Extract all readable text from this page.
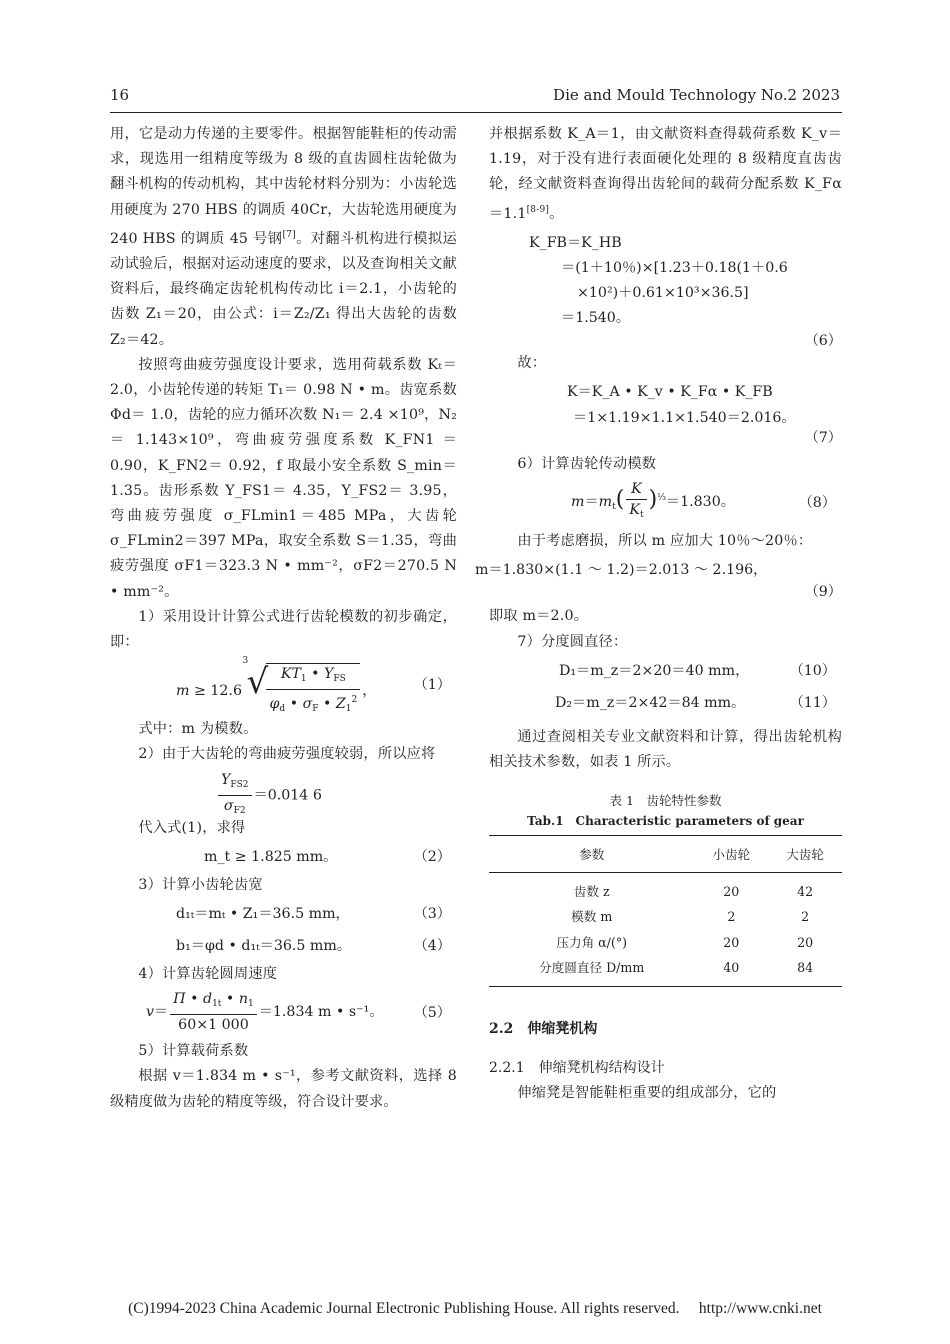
16	Die and Mould Technology No.2 2023
用，它是动力传递的主要零件。根据智能鞋柜的传动需求，现选用一组精度等级为 8 级的直齿圆柱齿轮做为翻斗机构的传动机构，其中齿轮材料分别为：小齿轮选用硬度为 270 HBS 的调质 40Cr，大齿轮选用硬度为 240 HBS 的调质 45 号钢[7]。对翻斗机构进行模拟运动试验后，根据对运动速度的要求，以及查询相关文献资料后，最终确定齿轮机构传动比 i＝2.1，小齿轮的齿数 Z₁＝20，由公式：i＝Z₂/Z₁ 得出大齿轮的齿数 Z₂＝42。
按照弯曲疲劳强度设计要求，选用荷载系数 Kₜ＝ 2.0，小齿轮传递的转矩 T₁＝ 0.98 N • m。齿宽系数 Φd＝ 1.0，齿轮的应力循环次数 N₁＝ 2.4 ×10⁹，N₂＝ 1.143×10⁹，弯曲疲劳强度系数 K_FN1 ＝ 0.90，K_FN2＝ 0.92，f 取最小安全系数 S_min＝ 1.35。齿形系数 Y_FS1＝ 4.35，Y_FS2＝ 3.95，弯曲疲劳强度 σ_FLmin1＝485 MPa，大齿轮 σ_FLmin2＝397 MPa，取安全系数 S＝1.35，弯曲疲劳强度 σF1＝323.3 N • mm⁻²，σF2＝270.5 N • mm⁻²。
1）采用设计计算公式进行齿轮模数的初步确定，即：
m ≥ 12.6
3
√
$\frac{KT_1 • Y_{FS}}{\varphi_d • \sigma_F • Z_1^2}$ ，	（1）
式中：m 为模数。
2）由于大齿轮的弯曲疲劳强度较弱，所以应将
$\frac{Y_{FS2}}{\sigma_{F2}} =0.014$ 6
代入式(1)，求得
m_t ≥ 1.825 mm。	（2）
3）计算小齿轮齿宽
d₁ₜ＝mₜ • Z₁＝36.5 mm，	（3）
b₁＝φd • d₁ₜ＝36.5 mm。	（4）
4）计算齿轮圆周速度
$v= \frac{\Pi • d_{1t} • n_1}{60\times 1 000} =1.834$ m • s⁻¹。 （5）
5）计算载荷系数
根据 v＝1.834 m • s⁻¹，参考文献资料，选择 8 级精度做为齿轮的精度等级，符合设计要求。
并根据系数 K_A＝1，由文献资料查得载荷系数 K_v＝1.19，对于没有进行表面硬化处理的 8 级精度直齿齿轮，经文献资料查询得出齿轮间的载荷分配系数 K_Fα＝1.1[8-9]。
K_FB＝K_HB
＝(1＋10％)×[1.23＋0.18(1＋0.6
×10²)＋0.61×10³×36.5]
＝1.540。
（6）
故：
K＝K_A • K_v • K_Fα • K_FB
＝1×1.19×1.1×1.540＝2.016。
（7）
6）计算齿轮传动模数
$m=m_t( \frac{K}{K_t} )^{\frac{1}{3}}=1.830$。	（8）
由于考虑磨损，所以 m 应加大 10％～20％：
m＝1.830×(1.1 ～ 1.2)＝2.013 ～ 2.196，
（9）
即取 m＝2.0。
7）分度圆直径：
D₁＝m_z＝2×20＝40 mm，	（10）
D₂＝m_z＝2×42＝84 mm。	（11）
通过查阅相关专业文献资料和计算，得出齿轮机构相关技术参数，如表 1 所示。
表 1　齿轮特性参数
Tab.1　Characteristic parameters of gear
参数	小齿轮	大齿轮
齿数 z	20	42
模数 m	2	2
压力角 α/(°)	20	20
分度圆直径 D/mm	40	84
2.2　伸缩凳机构
2.2.1　伸缩凳机构结构设计
伸缩凳是智能鞋柜重要的组成部分，它的
(C)1994-2023 China Academic Journal Electronic Publishing House. All rights reserved.　 http://www.cnki.net
